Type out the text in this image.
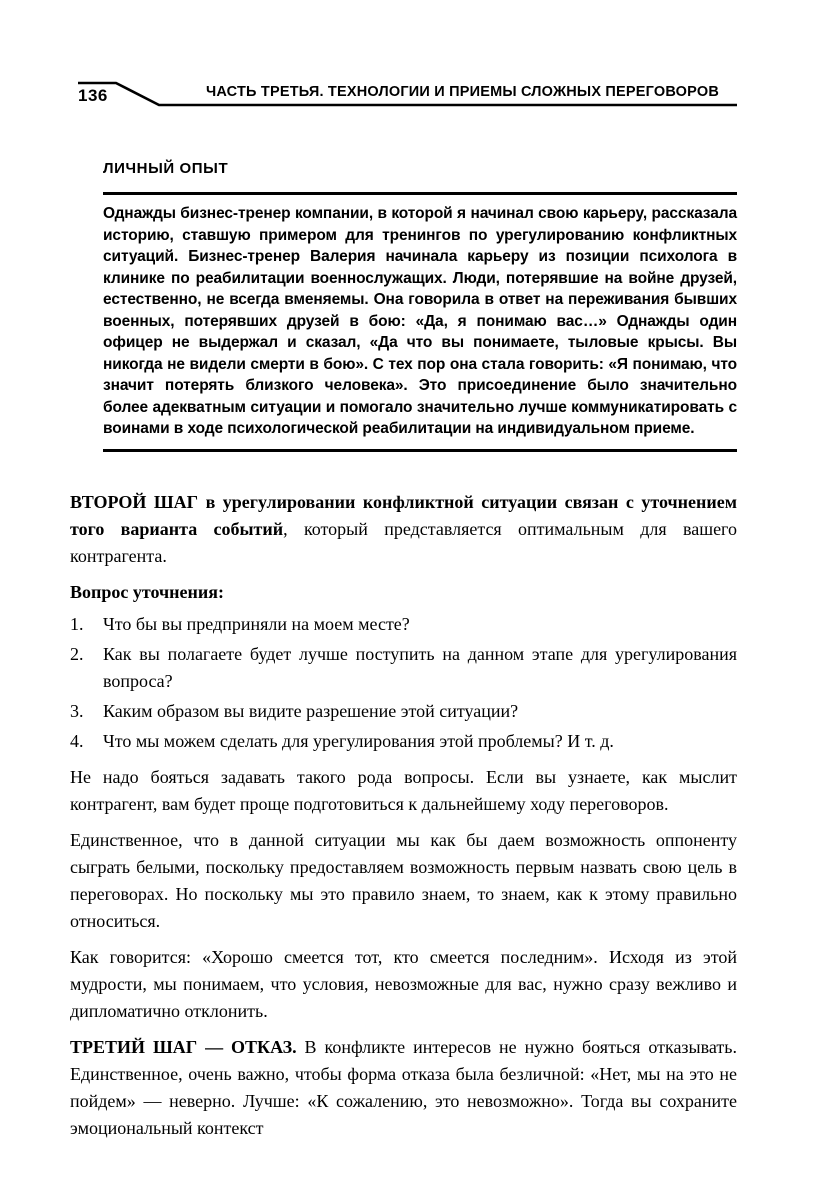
136	ЧАСТЬ ТРЕТЬЯ. ТЕХНОЛОГИИ И ПРИЕМЫ СЛОЖНЫХ ПЕРЕГОВОРОВ
ЛИЧНЫЙ ОПЫТ

Однажды бизнес-тренер компании, в которой я начинал свою карьеру, рассказала историю, ставшую примером для тренингов по урегулированию конфликтных ситуаций. Бизнес-тренер Валерия начинала карьеру из позиции психолога в клинике по реабилитации военнослужащих. Люди, потерявшие на войне друзей, естественно, не всегда вменяемы. Она говорила в ответ на переживания бывших военных, потерявших друзей в бою: «Да, я понимаю вас…» Однажды один офицер не выдержал и сказал, «Да что вы понимаете, тыловые крысы. Вы никогда не видели смерти в бою». С тех пор она стала говорить: «Я понимаю, что значит потерять близкого человека». Это присоединение было значительно более адекватным ситуации и помогало значительно лучше коммуникатировать с воинами в ходе психологической реабилитации на индивидуальном приеме.

ВТОРОЙ ШАГ в урегулировании конфликтной ситуации связан с уточнением того варианта событий, который представляется оптимальным для вашего контрагента.

Вопрос уточнения:
1.	Что бы вы предприняли на моем месте?
2.	Как вы полагаете будет лучше поступить на данном этапе для урегулирования вопроса?
3.	Каким образом вы видите разрешение этой ситуации?
4.	Что мы можем сделать для урегулирования этой проблемы? И т. д.

Не надо бояться задавать такого рода вопросы. Если вы узнаете, как мыслит контрагент, вам будет проще подготовиться к дальнейшему ходу переговоров.

Единственное, что в данной ситуации мы как бы даем возможность оппоненту сыграть белыми, поскольку предоставляем возможность первым назвать свою цель в переговорах. Но поскольку мы это правило знаем, то знаем, как к этому правильно относиться.

Как говорится: «Хорошо смеется тот, кто смеется последним». Исходя из этой мудрости, мы понимаем, что условия, невозможные для вас, нужно сразу вежливо и дипломатично отклонить.

ТРЕТИЙ ШАГ — ОТКАЗ. В конфликте интересов не нужно бояться отказывать. Единственное, очень важно, чтобы форма отказа была безличной: «Нет, мы на это не пойдем» — неверно. Лучше: «К сожалению, это невозможно». Тогда вы сохраните эмоциональный контекст
